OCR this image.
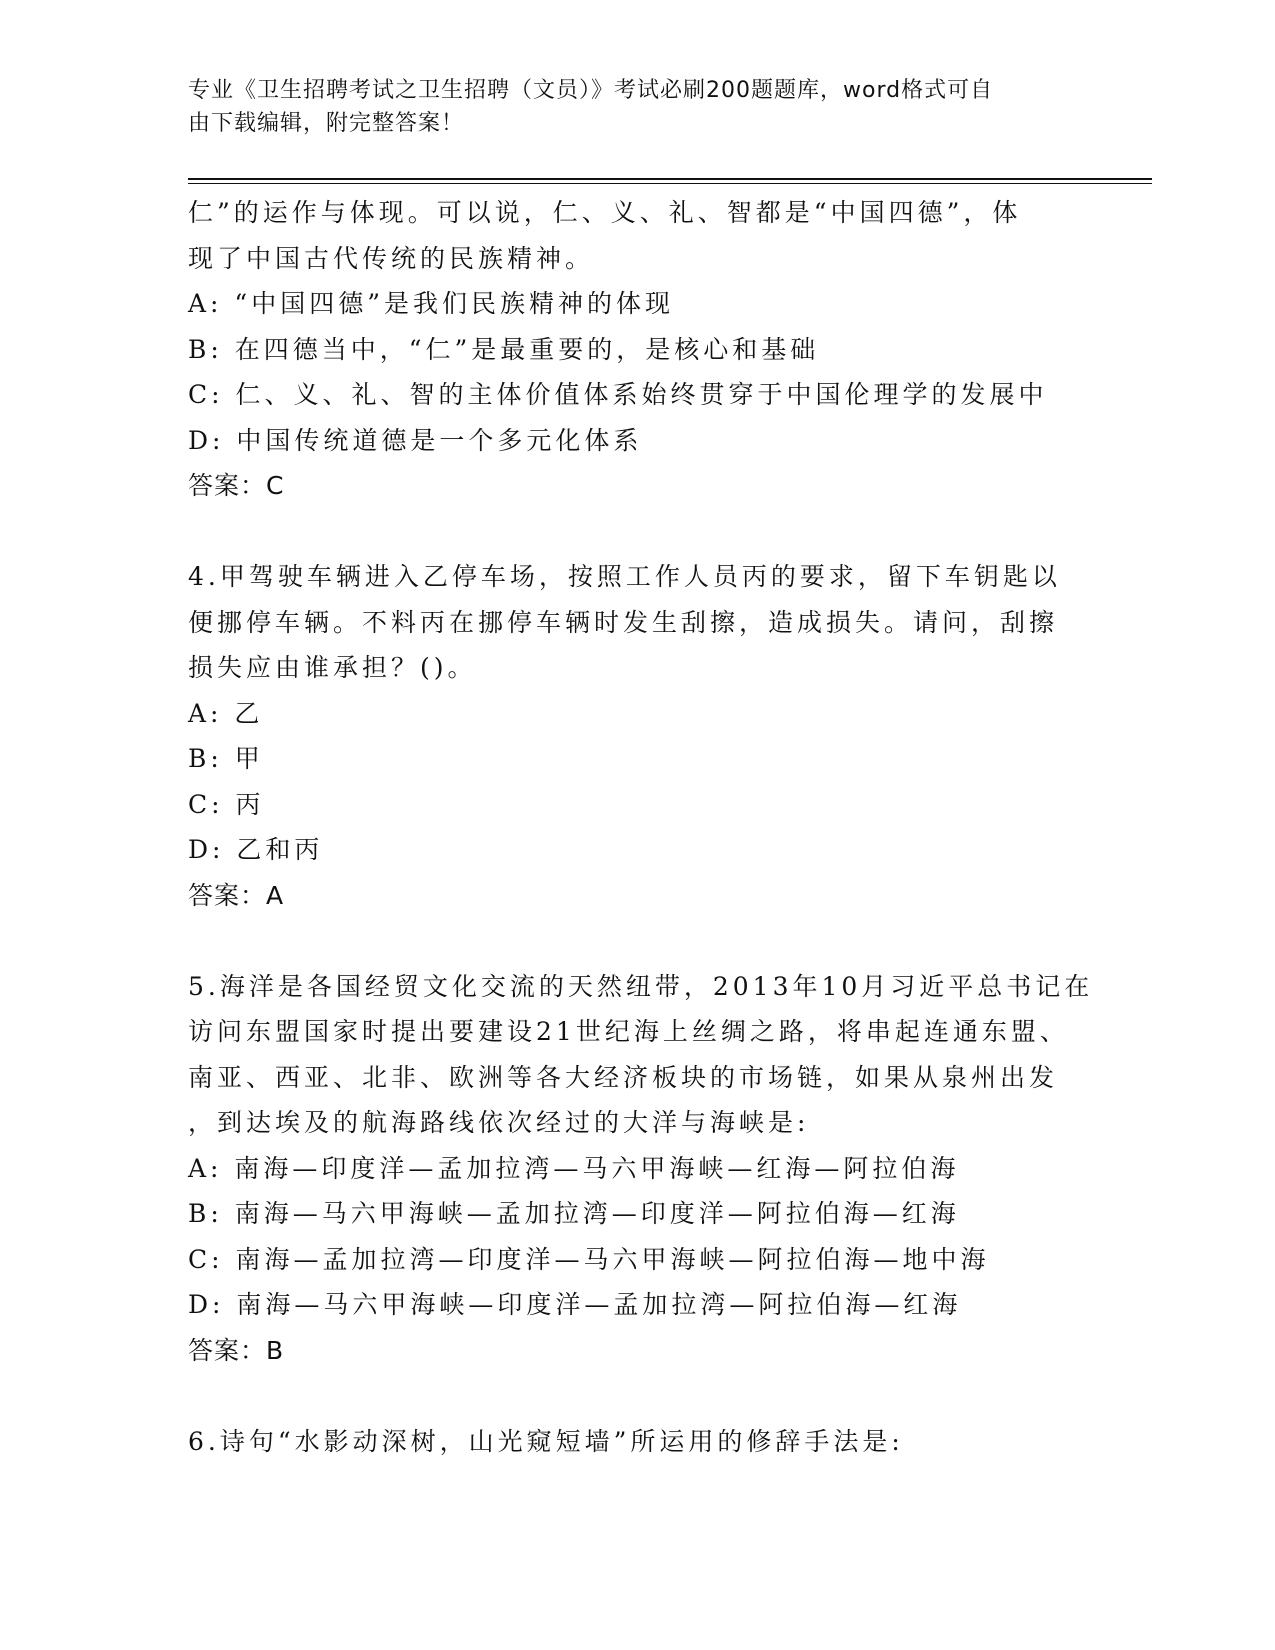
专业《卫生招聘考试之卫生招聘（文员）》考试必刷200题题库，word格式可自
由下载编辑，附完整答案！
仁”的运作与体现。可以说，仁、义、礼、智都是“中国四德”，体
现了中国古代传统的民族精神。
A: “中国四德”是我们民族精神的体现
B: 在四德当中，“仁”是最重要的，是核心和基础
C: 仁、义、礼、智的主体价值体系始终贯穿于中国伦理学的发展中
D: 中国传统道德是一个多元化体系
答案：C
4.甲驾驶车辆进入乙停车场，按照工作人员丙的要求，留下车钥匙以
便挪停车辆。不料丙在挪停车辆时发生刮擦，造成损失。请问，刮擦
损失应由谁承担？()。
A: 乙
B: 甲
C: 丙
D: 乙和丙
答案：A
5.海洋是各国经贸文化交流的天然纽带，2013年10月习近平总书记在
访问东盟国家时提出要建设21世纪海上丝绸之路，将串起连通东盟、
南亚、西亚、北非、欧洲等各大经济板块的市场链，如果从泉州出发
，到达埃及的航海路线依次经过的大洋与海峡是:
A: 南海—印度洋—孟加拉湾—马六甲海峡—红海—阿拉伯海
B: 南海—马六甲海峡—孟加拉湾—印度洋—阿拉伯海—红海
C: 南海—孟加拉湾—印度洋—马六甲海峡—阿拉伯海—地中海
D: 南海—马六甲海峡—印度洋—孟加拉湾—阿拉伯海—红海
答案：B
6.诗句“水影动深树，山光窥短墙”所运用的修辞手法是:
